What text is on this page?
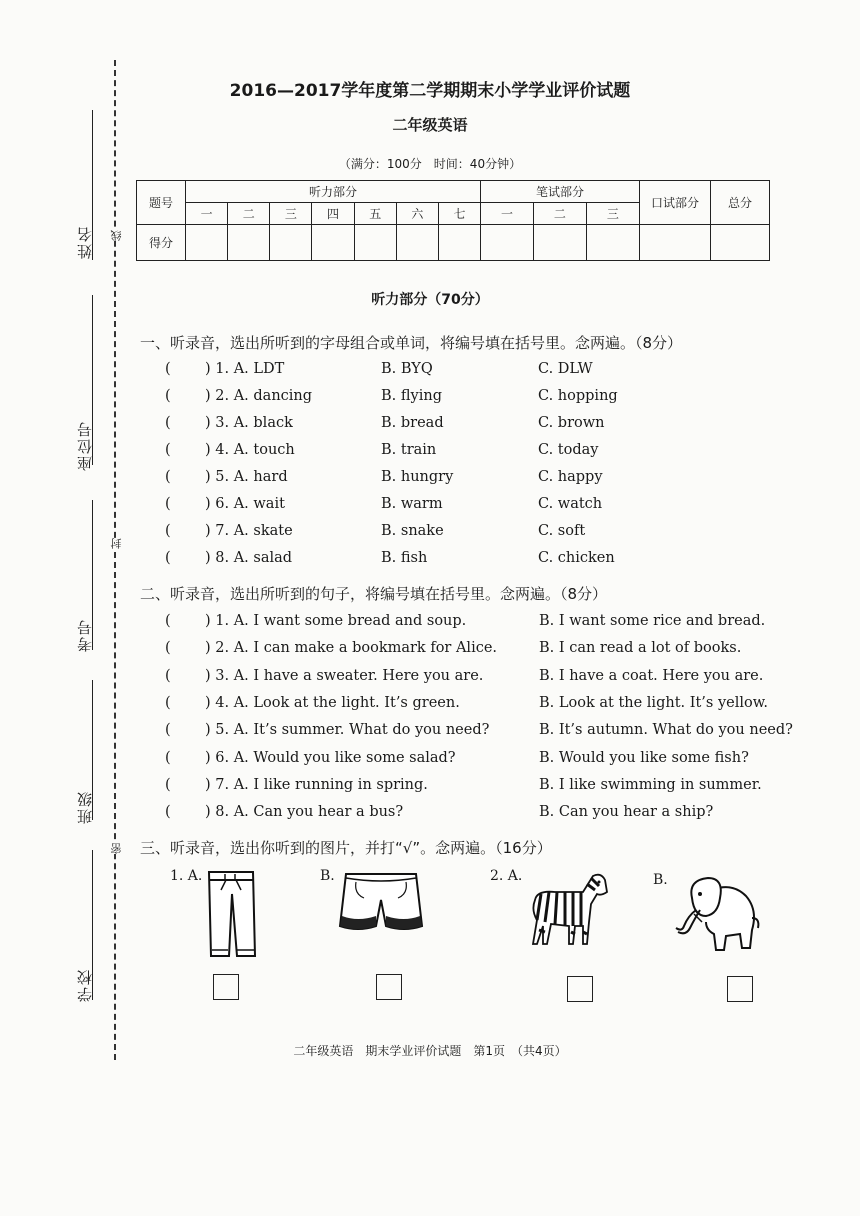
姓名
座位号
考号
班级
学校
线
封
密
2016—2017学年度第二学期期末小学学业评价试题
二年级英语
（满分：100分　时间：40分钟）
题号	听力部分							笔试部分			口试部分	总分
	一	二	三	四	五	六	七	一	二	三		
得分												
听力部分（70分）
一、听录音，选出所听到的字母组合或单词，将编号填在括号里。念两遍。（8分）
( ) 1. A. LDT	B. BYQ	C. DLW
( ) 2. A. dancing	B. flying	C. hopping
( ) 3. A. black	B. bread	C. brown
( ) 4. A. touch	B. train	C. today
( ) 5. A. hard	B. hungry	C. happy
( ) 6. A. wait	B. warm	C. watch
( ) 7. A. skate	B. snake	C. soft
( ) 8. A. salad	B. fish	C. chicken
二、听录音，选出所听到的句子，将编号填在括号里。念两遍。（8分）
( ) 1. A. I want some bread and soup.	B. I want some rice and bread.
( ) 2. A. I can make a bookmark for Alice.	B. I can read a lot of books.
( ) 3. A. I have a sweater. Here you are.	B. I have a coat. Here you are.
( ) 4. A. Look at the light. It’s green.	B. Look at the light. It’s yellow.
( ) 5. A. It’s summer. What do you need?	B. It’s autumn. What do you need?
( ) 6. A. Would you like some salad?	B. Would you like some fish?
( ) 7. A. I like running in spring.	B. I like swimming in summer.
( ) 8. A. Can you hear a bus?	B. Can you hear a ship?
三、听录音，选出你听到的图片，并打“√”。念两遍。（16分）
1. A.	B.	2. A.	B.
二年级英语　期末学业评价试题　第1页　（共4页）
